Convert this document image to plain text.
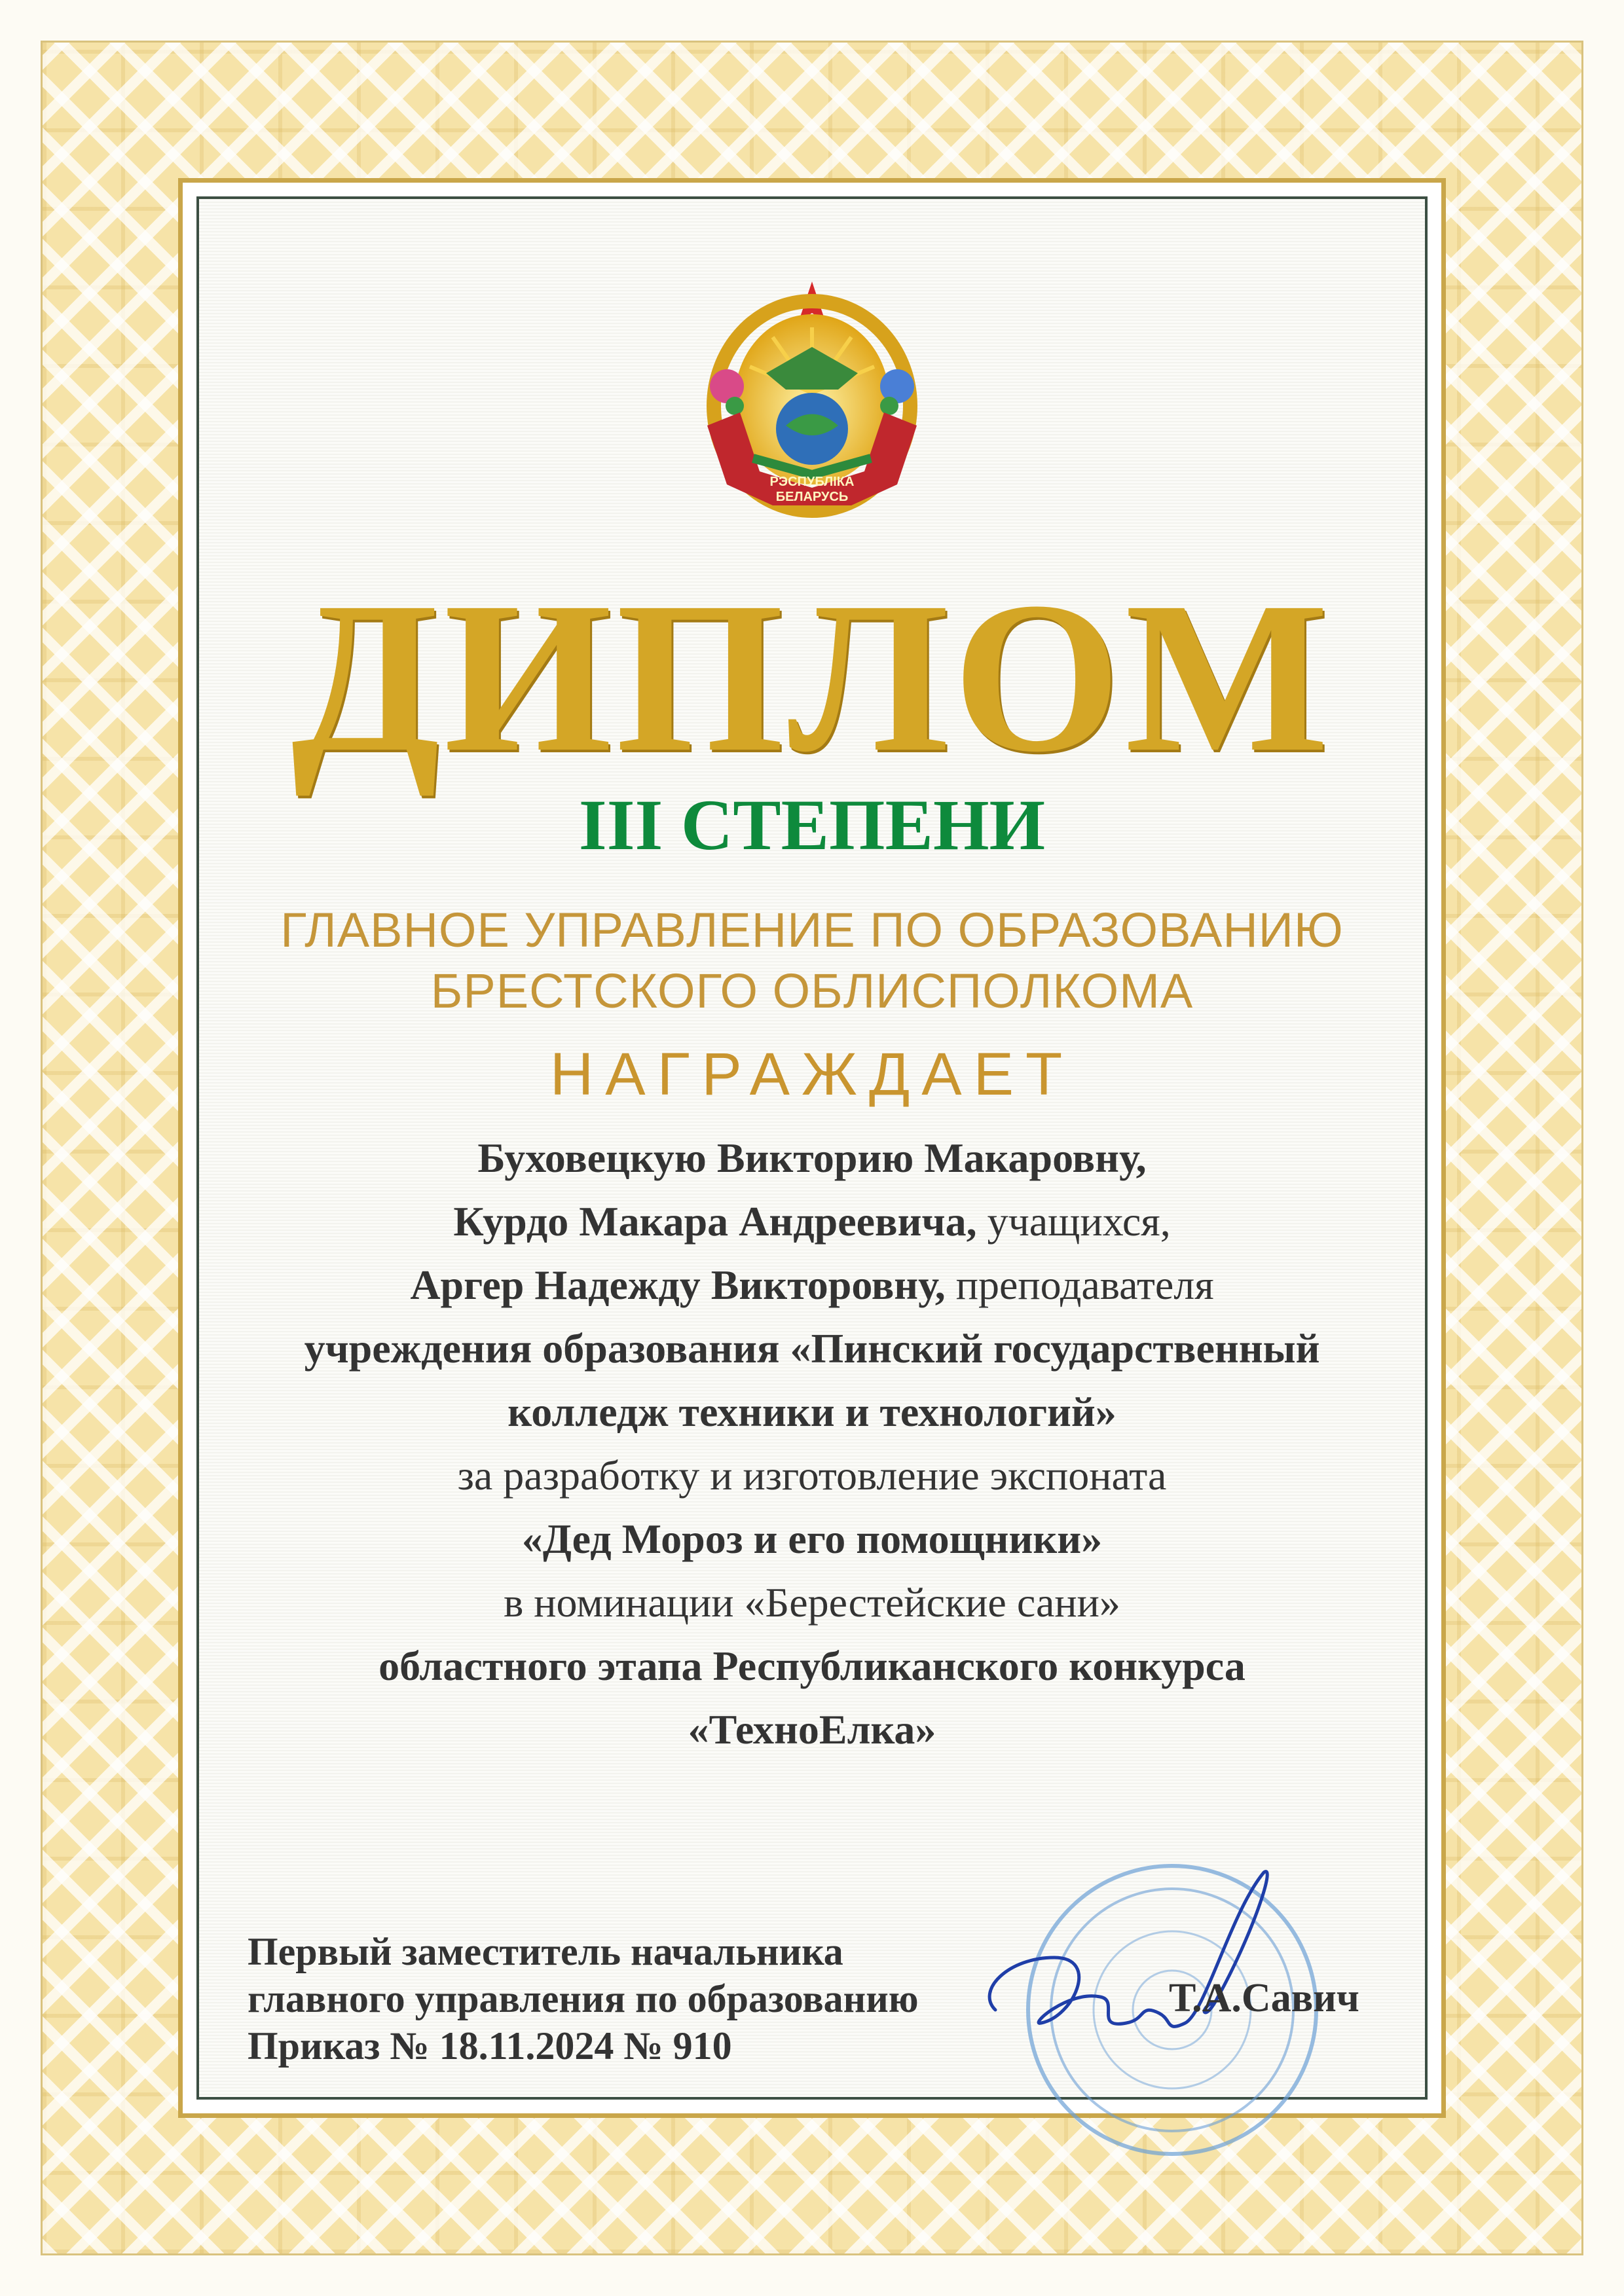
РЭСПУБЛIКА
БЕЛАРУСЬ
ДИПЛОМ
III СТЕПЕНИ
ГЛАВНОЕ УПРАВЛЕНИЕ ПО ОБРАЗОВАНИЮ
БРЕСТСКОГО ОБЛИСПОЛКОМА
НАГРАЖДАЕТ
Буховецкую Викторию Макаровну,
Курдо Макара Андреевича, учащихся,
Аргер Надежду Викторовну, преподавателя
учреждения образования «Пинский государственный
колледж техники и технологий»
за разработку и изготовление экспоната
«Дед Мороз и его помощники»
в номинации «Берестейские сани»
областного этапа Республиканского конкурса
«ТехноЕлка»
Первый заместитель начальника
главного управления по образованию
Приказ № 18.11.2024 № 910
Т.А.Савич
